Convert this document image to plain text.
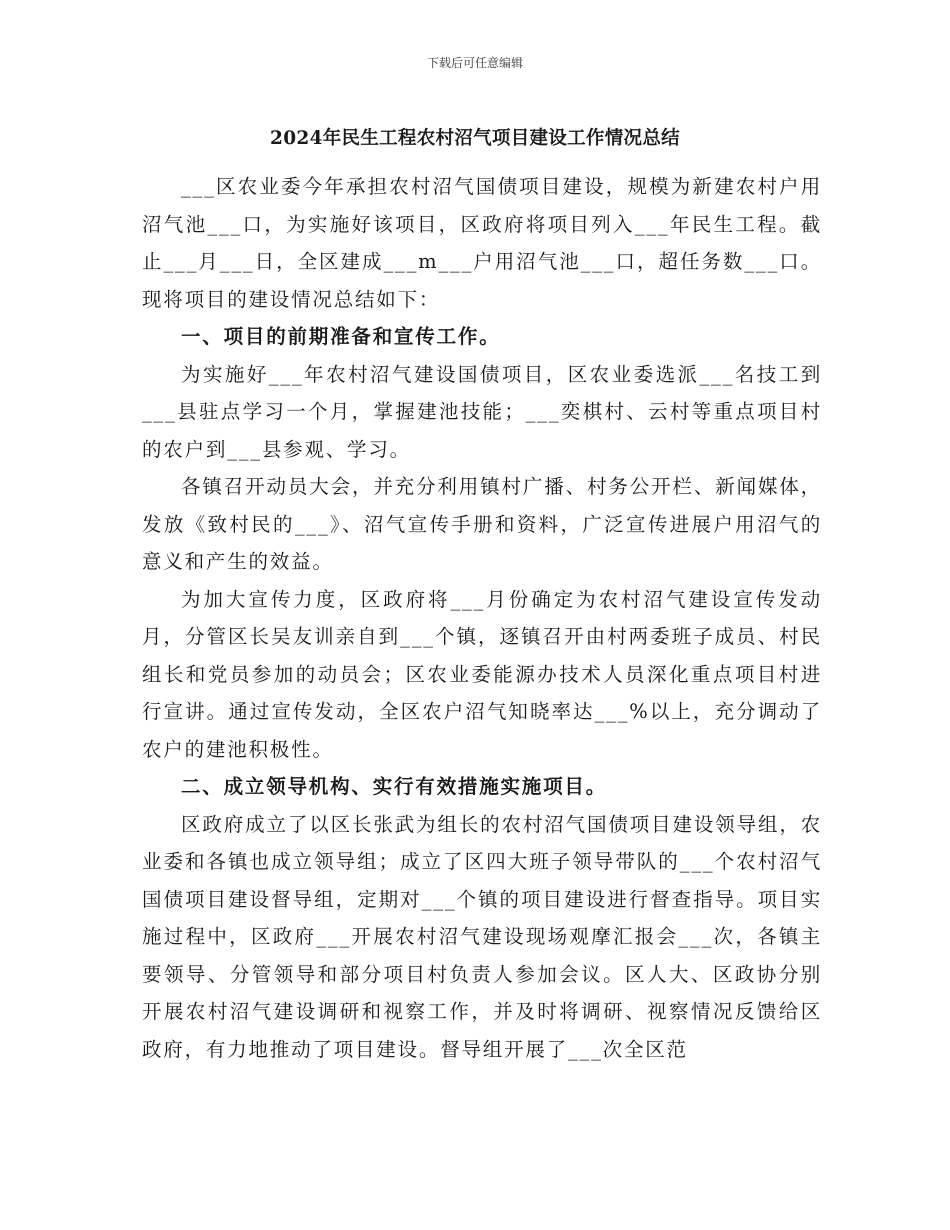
下载后可任意编辑
2024年民生工程农村沼气项目建设工作情况总结

___区农业委今年承担农村沼气国债项目建设，规模为新建农村户用沼气池___口，为实施好该项目，区政府将项目列入___年民生工程。截止___月___日，全区建成___m___户用沼气池___口，超任务数___口。现将项目的建设情况总结如下：

一、项目的前期准备和宣传工作。

为实施好___年农村沼气建设国债项目，区农业委选派___名技工到___县驻点学习一个月，掌握建池技能；___奕棋村、云村等重点项目村的农户到___县参观、学习。

各镇召开动员大会，并充分利用镇村广播、村务公开栏、新闻媒体，发放《致村民的___》、沼气宣传手册和资料，广泛宣传进展户用沼气的意义和产生的效益。

为加大宣传力度，区政府将___月份确定为农村沼气建设宣传发动月，分管区长吴友训亲自到___个镇，逐镇召开由村两委班子成员、村民组长和党员参加的动员会；区农业委能源办技术人员深化重点项目村进行宣讲。通过宣传发动，全区农户沼气知晓率达___%以上，充分调动了农户的建池积极性。

二、成立领导机构、实行有效措施实施项目。

区政府成立了以区长张武为组长的农村沼气国债项目建设领导组，农业委和各镇也成立领导组；成立了区四大班子领导带队的___个农村沼气国债项目建设督导组，定期对___个镇的项目建设进行督查指导。项目实施过程中，区政府___开展农村沼气建设现场观摩汇报会___次，各镇主要领导、分管领导和部分项目村负责人参加会议。区人大、区政协分别开展农村沼气建设调研和视察工作，并及时将调研、视察情况反馈给区政府，有力地推动了项目建设。督导组开展了___次全区范
